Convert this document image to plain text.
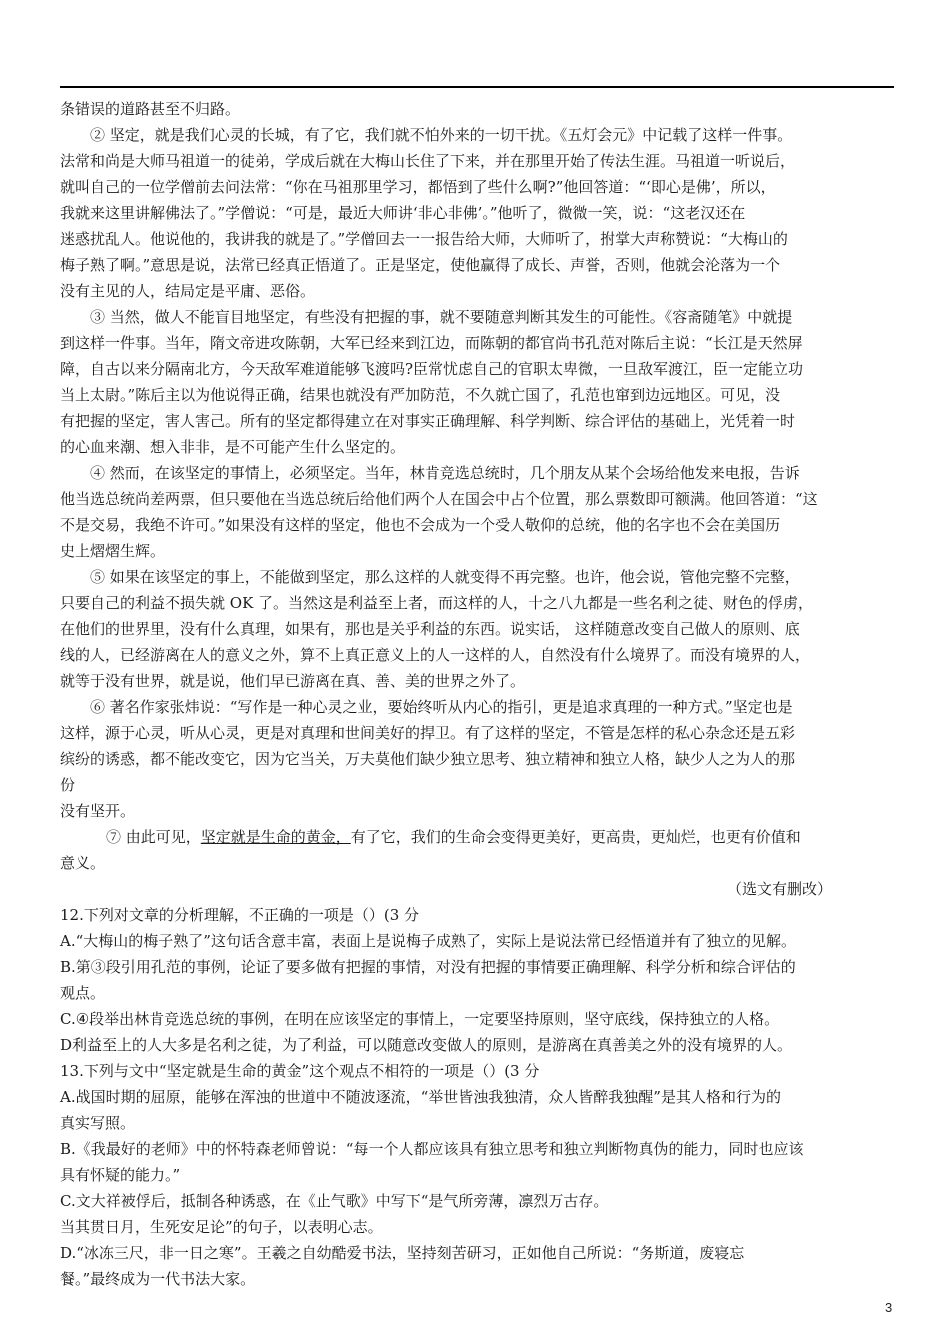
条错误的道路甚至不归路。
② 坚定，就是我们心灵的长城，有了它，我们就不怕外来的一切干扰。《五灯会元》中记载了这样一件事。
法常和尚是大师马祖道一的徒弟，学成后就在大梅山长住了下来，并在那里开始了传法生涯。马祖道一听说后，
就叫自己的一位学僧前去问法常：“你在马祖那里学习，都悟到了些什么啊?”他回答道：“‘即心是佛’，所以，
我就来这里讲解佛法了。”学僧说：“可是，最近大师讲‘非心非佛’。”他听了，微微一笑，说：“这老汉还在
迷惑扰乱人。他说他的，我讲我的就是了。”学僧回去一一报告给大师，大师听了，拊掌大声称赞说：“大梅山的
梅子熟了啊。”意思是说，法常已经真正悟道了。正是坚定，使他赢得了成长、声誉，否则，他就会沦落为一个
没有主见的人，结局定是平庸、恶俗。
③ 当然，做人不能盲目地坚定，有些没有把握的事，就不要随意判断其发生的可能性。《容斋随笔》中就提
到这样一件事。当年，隋文帝进攻陈朝，大军已经来到江边，而陈朝的都官尚书孔范对陈后主说：“长江是天然屏
障，自古以来分隔南北方，今天敌军难道能够飞渡吗?臣常忧虑自己的官职太卑微，一旦敌军渡江，臣一定能立功
当上太尉。”陈后主以为他说得正确，结果也就没有严加防范，不久就亡国了，孔范也窜到边远地区。可见，没
有把握的坚定，害人害己。所有的坚定都得建立在对事实正确理解、科学判断、综合评估的基础上，光凭着一时
的心血来潮、想入非非，是不可能产生什么坚定的。
④ 然而，在该坚定的事情上，必须坚定。当年，林肯竞选总统时，几个朋友从某个会场给他发来电报，告诉
他当选总统尚差两票，但只要他在当选总统后给他们两个人在国会中占个位置，那么票数即可额满。他回答道：“这
不是交易，我绝不许可。”如果没有这样的坚定，他也不会成为一个受人敬仰的总统，他的名字也不会在美国历
史上熠熠生辉。
⑤ 如果在该坚定的事上，不能做到坚定，那么这样的人就变得不再完整。也许，他会说，管他完整不完整，
只要自己的利益不损失就 OK 了。当然这是利益至上者，而这样的人，十之八九都是一些名利之徒、财色的俘虏，
在他们的世界里，没有什么真理，如果有，那也是关乎利益的东西。说实话， 这样随意改变自己做人的原则、底
线的人，已经游离在人的意义之外，算不上真正意义上的人一这样的人，自然没有什么境界了。而没有境界的人，
就等于没有世界，就是说，他们早已游离在真、善、美的世界之外了。
⑥ 著名作家张炜说：“写作是一种心灵之业，要始终听从内心的指引，更是追求真理的一种方式。”坚定也是
这样，源于心灵，听从心灵，更是对真理和世间美好的捍卫。有了这样的坚定，不管是怎样的私心杂念还是五彩
缤纷的诱惑，都不能改变它，因为它当关，万夫莫他们缺少独立思考、独立精神和独立人格，缺少人之为人的那
份
没有坚开。
⑦ 由此可见，坚定就是生命的黄金，有了它，我们的生命会变得更美好，更高贵，更灿烂，也更有价值和
意义。
（选文有删改）
12.下列对文章的分析理解，不正确的一项是（）(3 分
A.“大梅山的梅子熟了”这句话含意丰富，表面上是说梅子成熟了，实际上是说法常已经悟道并有了独立的见解。
B.第③段引用孔范的事例，论证了要多做有把握的事情，对没有把握的事情要正确理解、科学分析和综合评估的
观点。
C.④段举出林肯竞选总统的事例，在明在应该坚定的事情上，一定要坚持原则，坚守底线，保持独立的人格。
D利益至上的人大多是名利之徒，为了利益，可以随意改变做人的原则，是游离在真善美之外的没有境界的人。
13.下列与文中“坚定就是生命的黄金”这个观点不相符的一项是（）(3 分
A.战国时期的屈原，能够在浑浊的世道中不随波逐流，“举世皆浊我独清，众人皆醉我独醒”是其人格和行为的
真实写照。
B.《我最好的老师》中的怀特森老师曾说：“每一个人都应该具有独立思考和独立判断物真伪的能力，同时也应该
具有怀疑的能力。”
C.文大祥被俘后，抵制各种诱惑，在《止气歌》中写下“是气所旁薄，凛烈万古存。
当其贯日月，生死安足论”的句子，以表明心志。
D.“冰冻三尺，非一日之寒”。王羲之自幼酷爱书法，坚持刻苦研习，正如他自己所说：“务斯道，废寝忘
餐。”最终成为一代书法大家。
3
